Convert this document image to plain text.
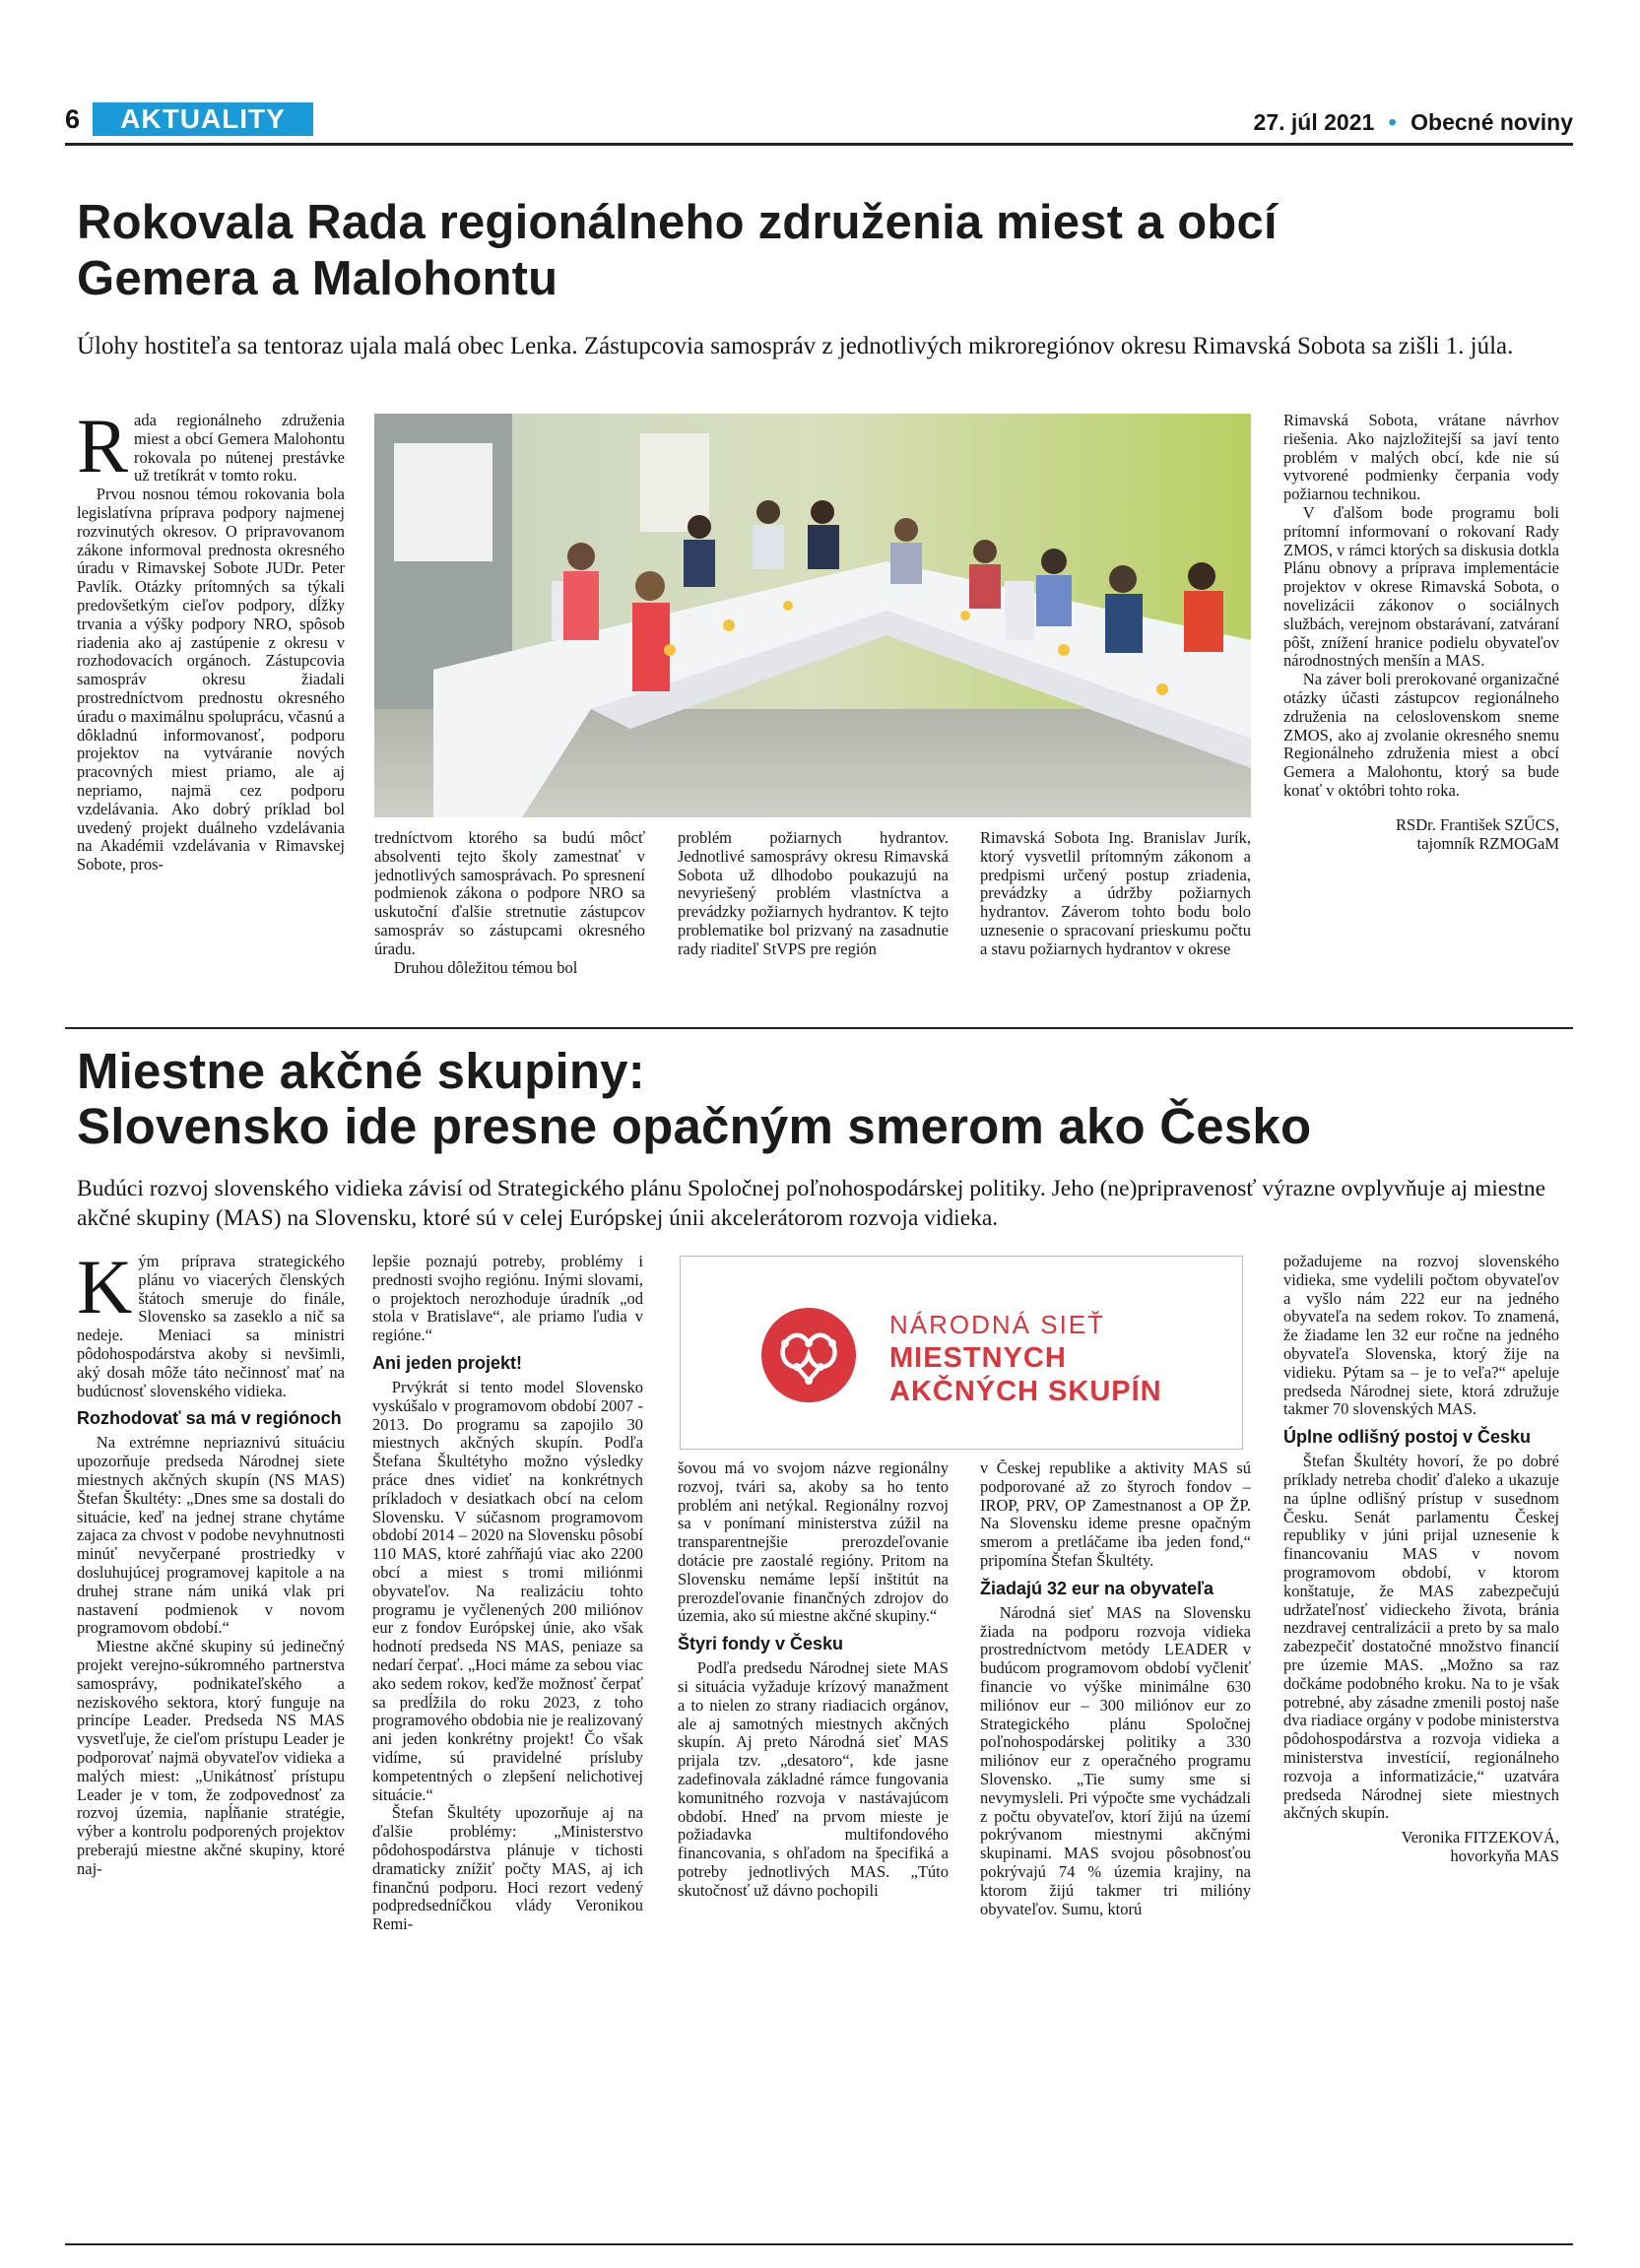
6	AKTUALITY	27. júl 2021 • Obecné noviny
Rokovala Rada regionálneho združenia miest a obcí
Gemera a Malohontu
Úlohy hostiteľa sa tentoraz ujala malá obec Lenka. Zástupcovia samospráv z jednotlivých mikroregiónov okresu Rimavská Sobota sa zišli 1. júla.

Rada regionálneho združenia miest a obcí Gemera Malohontu rokovala po nútenej prestávke už tretíkrát v tomto roku.

Prvou nosnou témou rokovania bola legislatívna príprava podpory najmenej rozvinutých okresov. O pripravovanom zákone informoval prednosta okresného úradu v Rimavskej Sobote JUDr. Peter Pavlík. Otázky prítomných sa týkali predovšetkým cieľov podpory, dĺžky trvania a výšky podpory NRO, spôsob riadenia ako aj zastúpenie z okresu v rozhodovacích orgánoch. Zástupcovia samospráv okresu žiadali prostredníctvom prednostu okresného úradu o maximálnu spoluprácu, včasnú a dôkladnú informovanosť, podporu projektov na vytváranie nových pracovných miest priamo, ale aj nepriamo, najmä cez podporu vzdelávania. Ako dobrý príklad bol uvedený projekt duálneho vzdelávania na Akadémii vzdelávania v Rimavskej Sobote, pros-

tredníctvom ktorého sa budú môcť absolventi tejto školy zamestnať v jednotlivých samosprávach. Po spresnení podmienok zákona o podpore NRO sa uskutoční ďalšie stretnutie zástupcov samospráv so zástupcami okresného úradu.

Druhou dôležitou témou bol

problém požiarnych hydrantov. Jednotlivé samosprávy okresu Rimavská Sobota už dlhodobo poukazujú na nevyriešený problém vlastníctva a prevádzky požiarnych hydrantov. K tejto problematike bol prizvaný na zasadnutie rady riaditeľ StVPS pre región

Rimavská Sobota Ing. Branislav Jurík, ktorý vysvetlil prítomným zákonom a predpismi určený postup zriadenia, prevádzky a údržby požiarnych hydrantov. Záverom tohto bodu bolo uznesenie o spracovaní prieskumu počtu a stavu požiarnych hydrantov v okrese

Rimavská Sobota, vrátane návrhov riešenia. Ako najzložitejší sa javí tento problém v malých obcí, kde nie sú vytvorené podmienky čerpania vody požiarnou technikou.

V ďalšom bode programu boli prítomní informovaní o rokovaní Rady ZMOS, v rámci ktorých sa diskusia dotkla Plánu obnovy a príprava implementácie projektov v okrese Rimavská Sobota, o novelizácii zákonov o sociálnych službách, verejnom obstarávaní, zatváraní pôšt, znížení hranice podielu obyvateľov národnostných menšín a MAS.

Na záver boli prerokované organizačné otázky účasti zástupcov regionálneho združenia na celoslovenskom sneme ZMOS, ako aj zvolanie okresného snemu Regionálneho združenia miest a obcí Gemera a Malohontu, ktorý sa bude konať v októbri tohto roka.

RSDr. František SZŰCS,

tajomník RZMOGaM

Miestne akčné skupiny:
Slovensko ide presne opačným smerom ako Česko
Budúci rozvoj slovenského vidieka závisí od Strategického plánu Spoločnej poľnohospodárskej politiky. Jeho (ne)pripravenosť výrazne ovplyvňuje aj miestne akčné skupiny (MAS) na Slovensku, ktoré sú v celej Európskej únii akcelerátorom rozvoja vidieka.

Kým príprava strategického plánu vo viacerých členských štátoch smeruje do finále, Slovensko sa zaseklo a nič sa nedeje. Meniaci sa ministri pôdohospodárstva akoby si nevšimli, aký dosah môže táto nečinnosť mať na budúcnosť slovenského vidieka.

Rozhodovať sa má v regiónoch

Na extrémne nepriaznivú situáciu upozorňuje predseda Národnej siete miestnych akčných skupín (NS MAS) Štefan Škultéty: „Dnes sme sa dostali do situácie, keď na jednej strane chytáme zajaca za chvost v podobe nevyhnutnosti minúť nevyčerpané prostriedky v dosluhujúcej programovej kapitole a na druhej strane nám uniká vlak pri nastavení podmienok v novom programovom období.“

Miestne akčné skupiny sú jedinečný projekt verejno-súkromného partnerstva samosprávy, podnikateľského a neziskového sektora, ktorý funguje na princípe Leader. Predseda NS MAS vysvetľuje, že cieľom prístupu Leader je podporovať najmä obyvateľov vidieka a malých miest: „Unikátnosť prístupu Leader je v tom, že zodpovednosť za rozvoj územia, napĺňanie stratégie, výber a kontrolu podporených projektov preberajú miestne akčné skupiny, ktoré naj-

lepšie poznajú potreby, problémy i prednosti svojho regiónu. Inými slovami, o projektoch nerozhoduje úradník „od stola v Bratislave“, ale priamo ľudia v regióne.“

Ani jeden projekt!

Prvýkrát si tento model Slovensko vyskúšalo v programovom období 2007 - 2013. Do programu sa zapojilo 30 miestnych akčných skupín. Podľa Štefana Škultétyho možno výsledky práce dnes vidieť na konkrétnych príkladoch v desiatkach obcí na celom Slovensku. V súčasnom programovom období 2014 – 2020 na Slovensku pôsobí 110 MAS, ktoré zahŕňajú viac ako 2200 obcí a miest s tromi miliónmi obyvateľov. Na realizáciu tohto programu je vyčlenených 200 miliónov eur z fondov Európskej únie, ako však hodnotí predseda NS MAS, peniaze sa nedarí čerpať. „Hoci máme za sebou viac ako sedem rokov, keďže možnosť čerpať sa predĺžila do roku 2023, z toho programového obdobia nie je realizovaný ani jeden konkrétny projekt! Čo však vidíme, sú pravidelné prísluby kompetentných o zlepšení nelichotivej situácie.“

Štefan Škultéty upozorňuje aj na ďalšie problémy: „Ministerstvo pôdohospodárstva plánuje v tichosti dramaticky znížiť počty MAS, aj ich finančnú podporu. Hoci rezort vedený podpredsedníčkou vlády Veronikou Remi-

NÁRODNÁ SIEŤ
MIESTNYCH
AKČNÝCH SKUPÍN

šovou má vo svojom názve regionálny rozvoj, tvári sa, akoby sa ho tento problém ani netýkal. Regionálny rozvoj sa v ponímaní ministerstva zúžil na transparentnejšie prerozdeľovanie dotácie pre zaostalé regióny. Pritom na Slovensku nemáme lepší inštitút na prerozdeľovanie finančných zdrojov do územia, ako sú miestne akčné skupiny.“

Štyri fondy v Česku

Podľa predsedu Národnej siete MAS si situácia vyžaduje krízový manažment a to nielen zo strany riadiacich orgánov, ale aj samotných miestnych akčných skupín. Aj preto Národná sieť MAS prijala tzv. „desatoro“, kde jasne zadefinovala základné rámce fungovania komunitného rozvoja v nastávajúcom období. Hneď na prvom mieste je požiadavka multifondového financovania, s ohľadom na špecifiká a potreby jednotlivých MAS. „Túto skutočnosť už dávno pochopili

v Českej republike a aktivity MAS sú podporované až zo štyroch fondov – IROP, PRV, OP Zamestnanost a OP ŽP. Na Slovensku ideme presne opačným smerom a pretláčame iba jeden fond,“ pripomína Štefan Škultéty.

Žiadajú 32 eur na obyvateľa

Národná sieť MAS na Slovensku žiada na podporu rozvoja vidieka prostredníctvom metódy LEADER v budúcom programovom období vyčleniť financie vo výške minimálne 630 miliónov eur – 300 miliónov eur zo Strategického plánu Spoločnej poľnohospodárskej politiky a 330 miliónov eur z operačného programu Slovensko. „Tie sumy sme si nevymysleli. Pri výpočte sme vychádzali z počtu obyvateľov, ktorí žijú na území pokrývanom miestnymi akčnými skupinami. MAS svojou pôsobnosťou pokrývajú 74 % územia krajiny, na ktorom žijú takmer tri milióny obyvateľov. Sumu, ktorú

požadujeme na rozvoj slovenského vidieka, sme vydelili počtom obyvateľov a vyšlo nám 222 eur na jedného obyvateľa na sedem rokov. To znamená, že žiadame len 32 eur ročne na jedného obyvateľa Slovenska, ktorý žije na vidieku. Pýtam sa – je to veľa?“ apeluje predseda Národnej siete, ktorá združuje takmer 70 slovenských MAS.

Úplne odlišný postoj v Česku

Štefan Škultéty hovorí, že po dobré príklady netreba chodiť ďaleko a ukazuje na úplne odlišný prístup v susednom Česku. Senát parlamentu Českej republiky v júni prijal uznesenie k financovaniu MAS v novom programovom období, v ktorom konštatuje, že MAS zabezpečujú udržateľnosť vidieckeho života, bránia nezdravej centralizácii a preto by sa malo zabezpečiť dostatočné množstvo financií pre územie MAS. „Možno sa raz dočkáme podobného kroku. Na to je však potrebné, aby zásadne zmenili postoj naše dva riadiace orgány v podobe ministerstva pôdohospodárstva a rozvoja vidieka a ministerstva investícií, regionálneho rozvoja a informatizácie,“ uzatvára predseda Národnej siete miestnych akčných skupín.

Veronika FITZEKOVÁ,

hovorkyňa MAS
